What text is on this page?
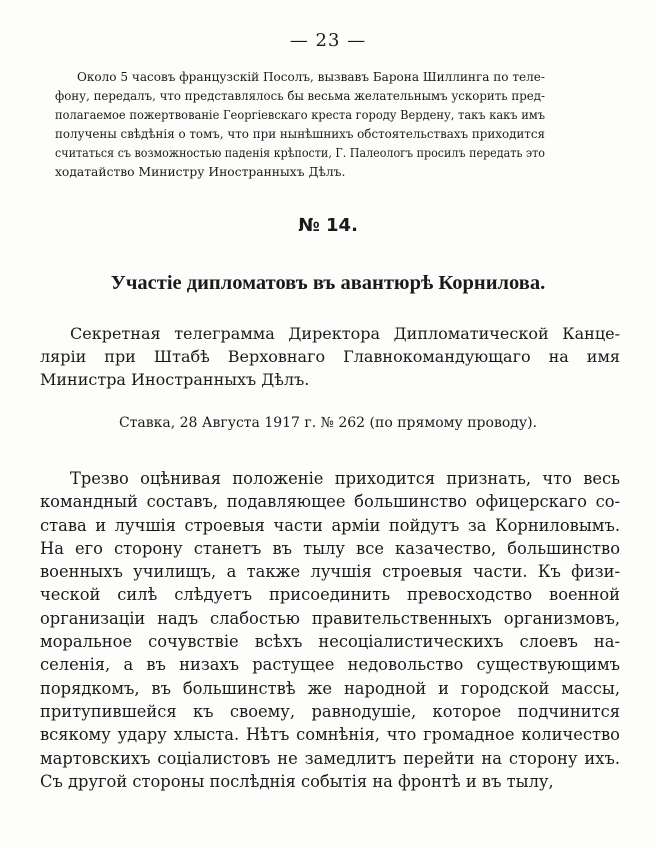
— 23 —
Около 5 часовъ французскій Посолъ, вызвавъ Барона Шиллинга по теле-
фону, передалъ, что представлялось бы весьма желательнымъ ускорить пред-
полагаемое пожертвованіе Георгіевскаго креста городу Вердену, такъ какъ имъ
получены свѣдѣнія о томъ, что при нынѣшнихъ обстоятельствахъ приходится
считаться съ возможностью паденія крѣпости, Г. Палеологъ просилъ передать это
ходатайство Министру Иностранныхъ Дѣлъ.
№ 14.
Участіе дипломатовъ въ авантюрѣ Корнилова.
Секретная телеграмма Директора Дипломатической Канце-
ляріи при Штабѣ Верховнаго Главнокомандующаго на имя
Министра Иностранныхъ Дѣлъ.
Ставка, 28 Августа 1917 г. № 262 (по прямому проводу).
Трезво оцѣнивая положеніе приходится признать, что весь
командный составъ, подавляющее большинство офицерскаго со-
става и лучшія строевыя части арміи пойдутъ за Корниловымъ.
На его сторону станетъ въ тылу все казачество, большинство
военныхъ училищъ, а также лучшія строевыя части. Къ физи-
ческой силѣ слѣдуетъ присоединить превосходство военной
организаціи надъ слабостью правительственныхъ организмовъ,
моральное сочувствіе всѣхъ несоціалистическихъ слоевъ на-
селенія, а въ низахъ растущее недовольство существующимъ
порядкомъ, въ большинствѣ же народной и городской массы,
притупившейся къ своему, равнодушіе, которое подчинится
всякому удару хлыста. Нѣтъ сомнѣнія, что громадное количество
мартовскихъ соціалистовъ не замедлитъ перейти на сторону ихъ.
Съ другой стороны послѣднія событія на фронтѣ и въ тылу,
